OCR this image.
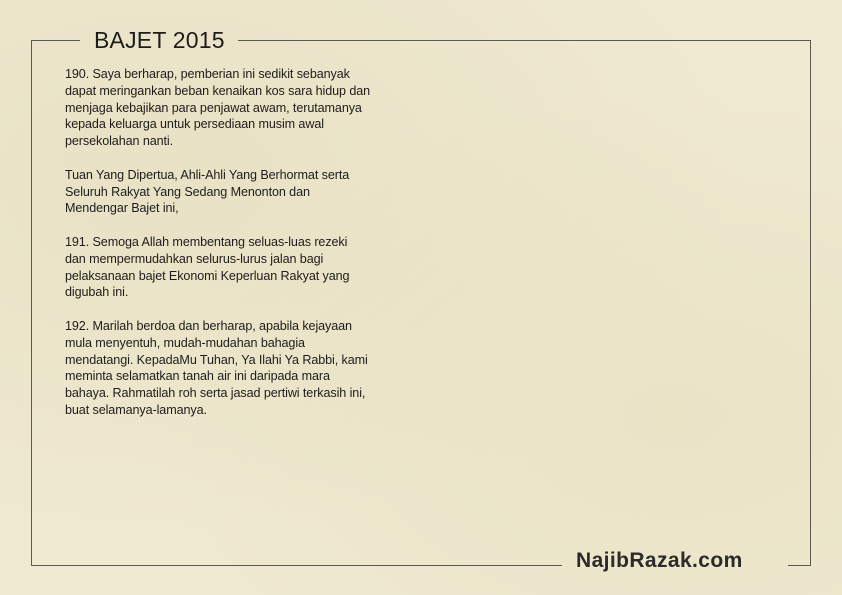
BAJET 2015

190. Saya berharap, pemberian ini sedikit sebanyak
dapat meringankan beban kenaikan kos sara hidup dan
menjaga kebajikan para penjawat awam, terutamanya
kepada keluarga untuk persediaan musim awal
persekolahan nanti.

Tuan Yang Dipertua, Ahli-Ahli Yang Berhormat serta
Seluruh Rakyat Yang Sedang Menonton dan
Mendengar Bajet ini,

191. Semoga Allah membentang seluas-luas rezeki
dan mempermudahkan selurus-lurus jalan bagi
pelaksanaan bajet Ekonomi Keperluan Rakyat yang
digubah ini.

192. Marilah berdoa dan berharap, apabila kejayaan
mula menyentuh, mudah-mudahan bahagia
mendatangi. KepadaMu Tuhan, Ya Ilahi Ya Rabbi, kami
meminta selamatkan tanah air ini daripada mara
bahaya. Rahmatilah roh serta jasad pertiwi terkasih ini,
buat selamanya-lamanya.

NajibRazak.com
